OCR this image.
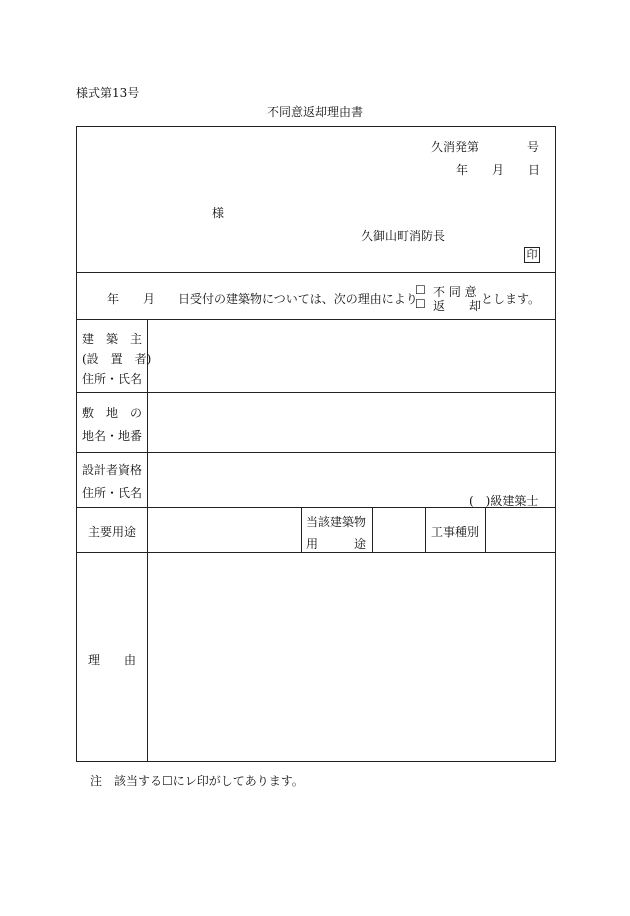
様式第13号
不同意返却理由書
久消発第	号
年 月 日
様
久御山町消防長
印
年 月 日受付の建築物については、次の理由により
☐ 不 同 意
☐ 返　　却 とします。
建　築　主
(設　置　者)
住所・氏名
敷　地　の
地名・地番
設計者資格
住所・氏名
(　)級建築士
主要用途
当該建築物
用　　　途
工事種別
理　　由
注　該当する☐にレ印がしてあります。
